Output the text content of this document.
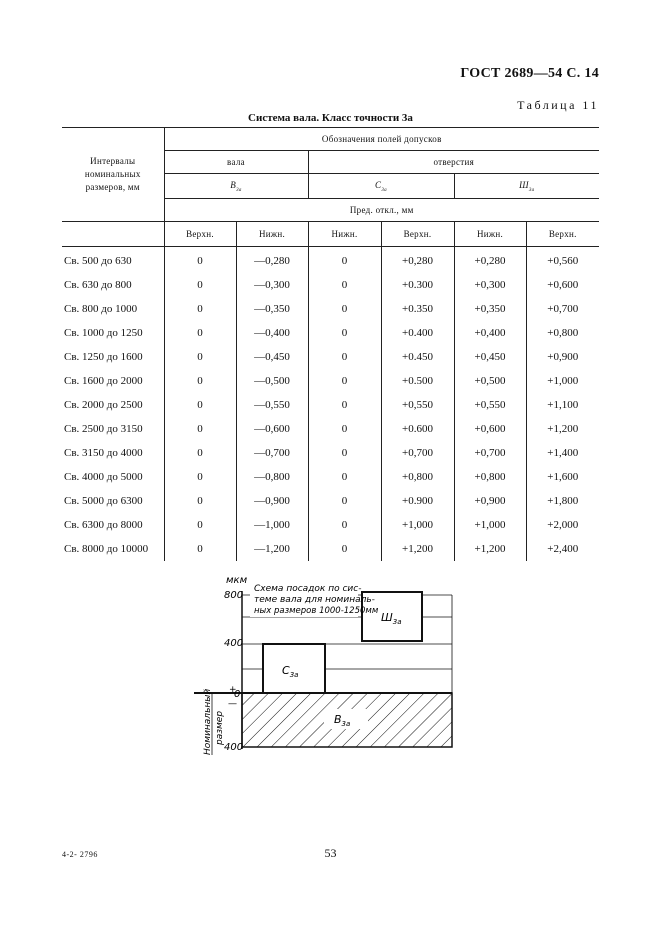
ГОСТ 2689—54 С. 14
Таблица 11
Система вала. Класс точности 3а
Интервалы
номинальных
размеров, мм	Обозначения полей допусков					
	вала		отверстия			
	$В_{3а}$		$С_{3а}$		$Ш_{3а}$
	Пред. откл., мм					
	Верхн.	Нижн.	Нижн.	Верхн.	Нижн.	Верхн.
Св. 500 до 630	0	—0,280	0	+0,280	+0,280	+0,560
Св. 630 до 800	0	—0,300	0	+0.300	+0,300	+0,600
Св. 800 до 1000	0	—0,350	0	+0.350	+0,350	+0,700
Св. 1000 до 1250	0	—0,400	0	+0.400	+0,400	+0,800
Св. 1250 до 1600	0	—0,450	0	+0.450	+0,450	+0,900
Св. 1600 до 2000	0	—0,500	0	+0.500	+0,500	+1,000
Св. 2000 до 2500	0	—0,550	0	+0,550	+0,550	+1,100
Св. 2500 до 3150	0	—0,600	0	+0.600	+0,600	+1,200
Св. 3150 до 4000	0	—0,700	0	+0,700	+0,700	+1,400
Св. 4000 до 5000	0	—0,800	0	+0,800	+0,800	+1,600
Св. 5000 до 6300	0	—0,900	0	+0.900	+0,900	+1,800
Св. 6300 до 8000	0	—1,000	0	+1,000	+1,000	+2,000
Св. 8000 до 10000	0	—1,200	0	+1,200	+1,200	+2,400
мкм
Схема посадок по сис-
теме вала для номиналь-
ных размеров 1000-1250мм
800
400
+
0
—
400
$С_{3а}$
$Ш_{3а}$
$В_{3а}$
Номинальный размер
53
4-2- 2796
